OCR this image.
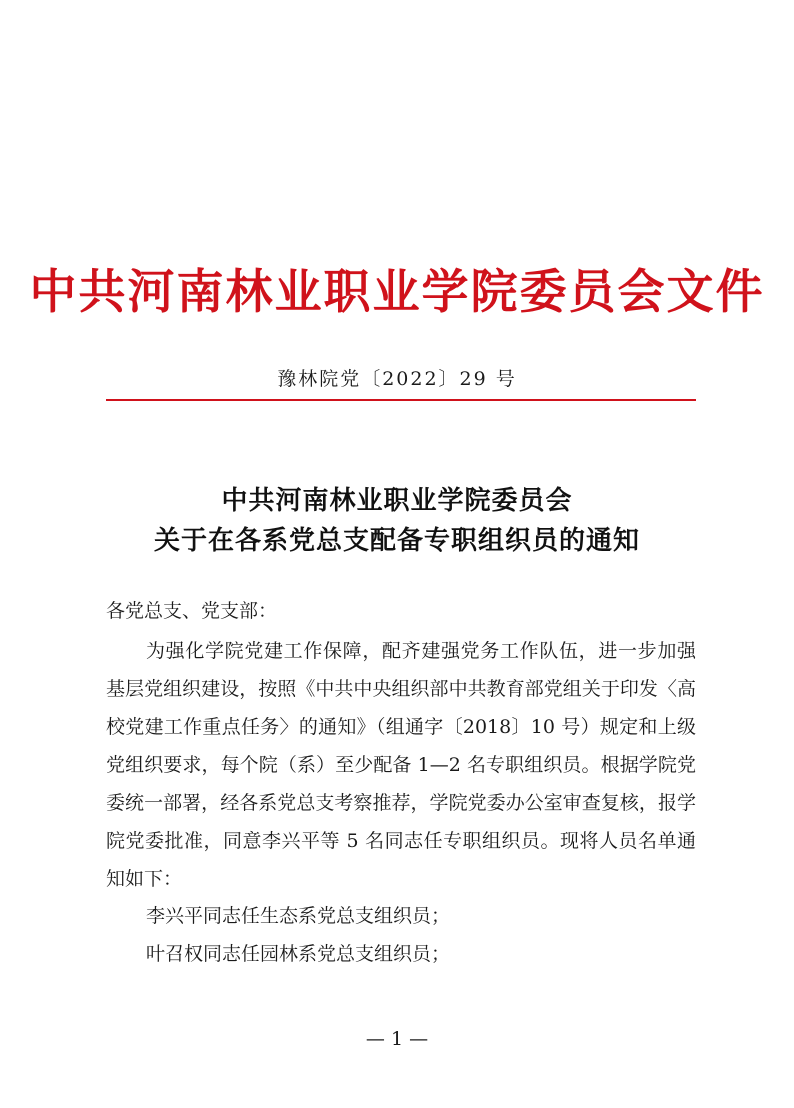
中共河南林业职业学院委员会文件
豫林院党〔2022〕29 号
中共河南林业职业学院委员会
关于在各系党总支配备专职组织员的通知
各党总支、党支部：
为强化学院党建工作保障，配齐建强党务工作队伍，进一步加强基层党组织建设，按照《中共中央组织部中共教育部党组关于印发〈高校党建工作重点任务〉的通知》（组通字〔2018〕10 号）规定和上级党组织要求，每个院（系）至少配备 1—2 名专职组织员。根据学院党委统一部署，经各系党总支考察推荐，学院党委办公室审查复核，报学院党委批准，同意李兴平等 5 名同志任专职组织员。现将人员名单通知如下：
李兴平同志任生态系党总支组织员；
叶召权同志任园林系党总支组织员；
— 1 —
